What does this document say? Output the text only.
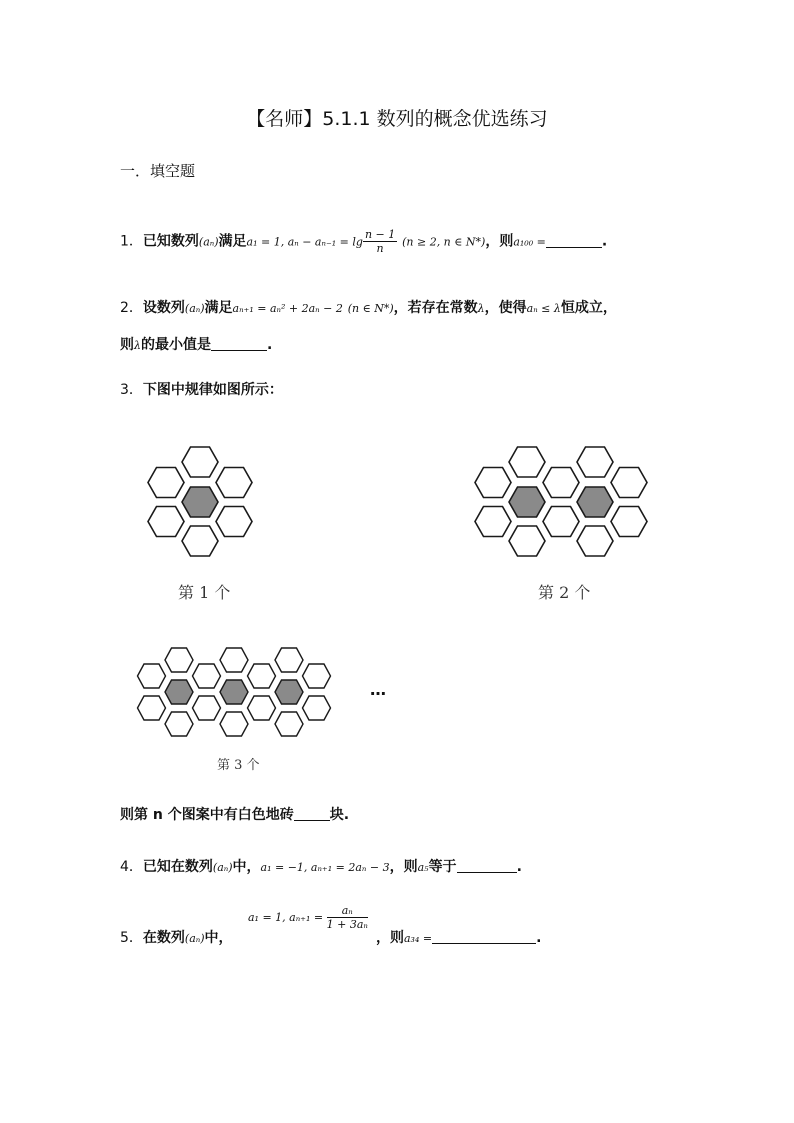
【名师】5.1.1 数列的概念优选练习
一．填空题
1．已知数列(aₙ)满足a₁ = 1, $a_n - a_{n-1} = \lg \frac{n - 1}{n} (n \ge 2$, n ∈ N*)，则a₁₀₀ =	.
2．设数列(aₙ)满足aₙ₊₁ = aₙ² + 2aₙ − 2 (n ∈ N*)，若存在常数λ，使得aₙ ≤ λ恒成立，
则λ的最小值是	.
3．下图中规律如图所示：
第 1 个	第 2 个
…
第 3 个
则第 n 个图案中有白色地砖	块.
4．已知在数列(aₙ)中，a₁ = −1, aₙ₊₁ = 2aₙ − 3，则a₅等于	.
5．在数列(aₙ)中，
a₁ = 1, $a_{n+1} = \frac{\text{aₙ}}{\text{1 + 3aₙ}}$
，则a₃₄ =	.
